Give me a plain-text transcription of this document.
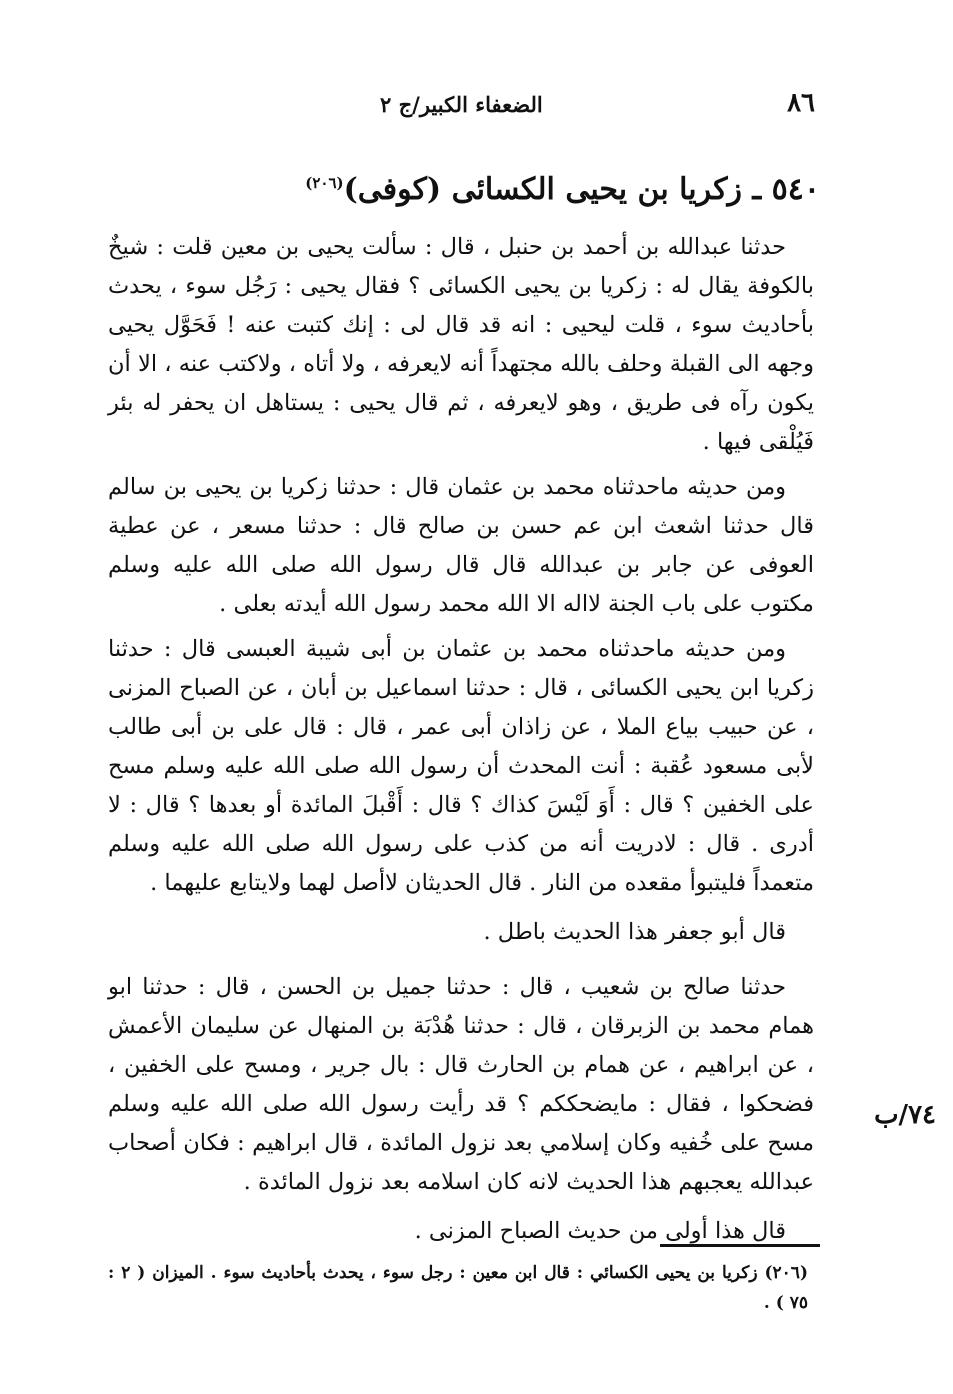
٨٦
الضعفاء الكبير/ج ٢
٥٤٠ ـ زكريا بن يحيى الكسائى (كوفى)$^{(٢٠٦)}$

حدثنا عبدالله بن أحمد بن حنبل ، قال : سألت يحيى بن معين قلت : شيخٌ بالكوفة يقال له : زكريا بن يحيى الكسائى ؟ فقال يحيى : رَجُل سوء ، يحدث بأحاديث سوء ، قلت ليحيى : انه قد قال لى : إنك كتبت عنه ! فَحَوَّل يحيى وجهه الى القبلة وحلف بالله مجتهداً أنه لايعرفه ، ولا أتاه ، ولاكتب عنه ، الا أن يكون رآه فى طريق ، وهو لايعرفه ، ثم قال يحيى : يستاهل ان يحفر له بئر فَيُلْقى فيها .

ومن حديثه ماحدثناه محمد بن عثمان قال : حدثنا زكريا بن يحيى بن سالم قال حدثنا اشعث ابن عم حسن بن صالح قال : حدثنا مسعر ، عن عطية العوفى عن جابر بن عبدالله قال قال رسول الله صلى الله عليه وسلم مكتوب على باب الجنة لااله الا الله محمد رسول الله أيدته بعلى .

ومن حديثه ماحدثناه محمد بن عثمان بن أبى شيبة العبسى قال : حدثنا زكريا ابن يحيى الكسائى ، قال : حدثنا اسماعيل بن أبان ، عن الصباح المزنى ، عن حبيب بياع الملا ، عن زاذان أبى عمر ، قال : قال على بن أبى طالب لأبى مسعود عُقبة : أنت المحدث أن رسول الله صلى الله عليه وسلم مسح على الخفين ؟ قال : أَوَ لَيْسَ كذاك ؟ قال : أَقْبلَ المائدة أو بعدها ؟ قال : لا أدرى . قال : لادريت أنه من كذب على رسول الله صلى الله عليه وسلم متعمداً فليتبوأ مقعده من النار . قال الحديثان لاأصل لهما ولايتابع عليهما .

قال أبو جعفر هذا الحديث باطل .

حدثنا صالح بن شعيب ، قال : حدثنا جميل بن الحسن ، قال : حدثنا ابو همام محمد بن الزبرقان ، قال : حدثنا هُدْبَة بن المنهال عن سليمان الأعمش ، عن ابراهيم ، عن همام بن الحارث قال : بال جرير ، ومسح على الخفين ، فضحكوا ، فقال : مايضحككم ؟ قد رأيت رسول الله صلى الله عليه وسلم مسح على خُفيه وكان إسلامي بعد نزول المائدة ، قال ابراهيم : فكان أصحاب عبدالله يعجبهم هذا الحديث لانه كان اسلامه بعد نزول المائدة .

قال هذا أولى من حديث الصباح المزنى .

٧٤/ب
(٢٠٦) زكريا بن يحيى الكسائي : قال ابن معين : رجل سوء ، يحدث بأحاديث سوء . الميزان ( ٢ : ٧٥ ) .
